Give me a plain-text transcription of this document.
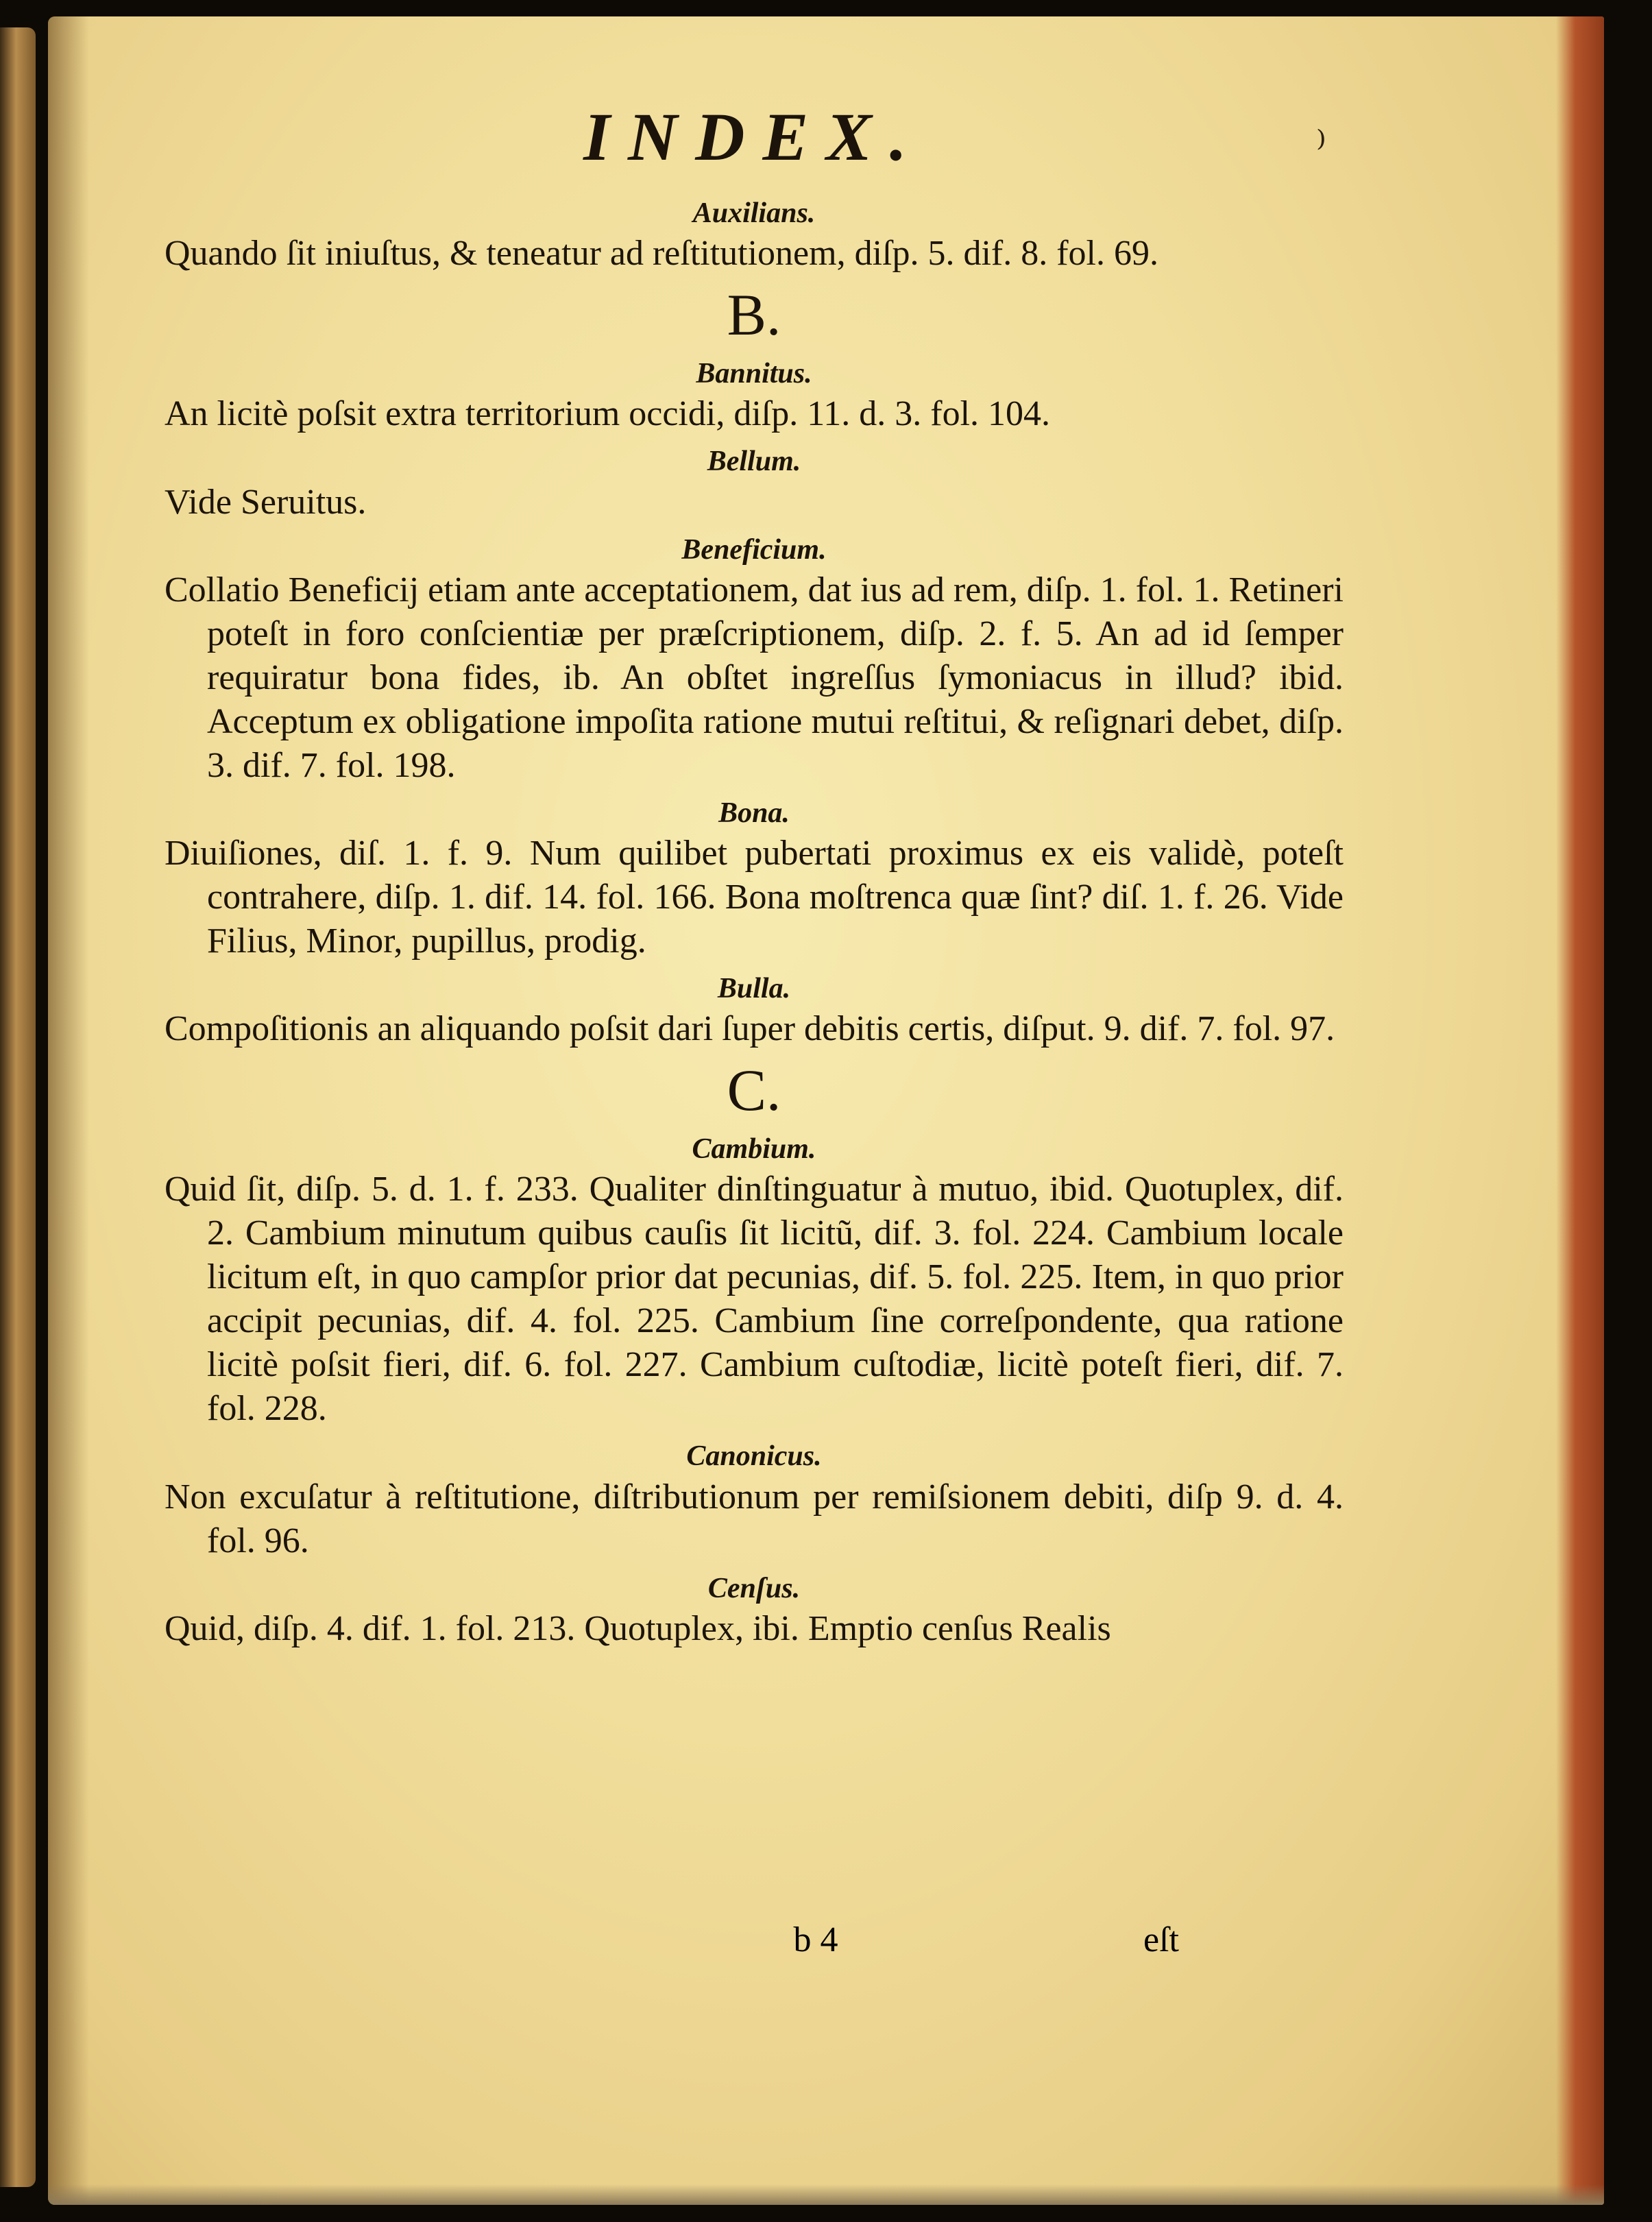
⁾
INDEX.
Auxilians.

Quando ſit iniuſtus, & teneatur ad reſtitutionem, diſp. 5. dif. 8. fol. 69.

B.
Bannitus.

An licitè poſsit extra territorium occidi, diſp. 11. d. 3. fol. 104.

Bellum.

Vide Seruitus.

Beneficium.

Collatio Beneficij etiam ante acceptationem, dat ius ad rem, diſp. 1. fol. 1. Retineri poteſt in foro conſcientiæ per præſcriptionem, diſp. 2. f. 5. An ad id ſemper requiratur bona fides, ib. An obſtet ingreſſus ſymoniacus in illud? ibid. Acceptum ex obligatione impoſita ratione mutui reſtitui, & reſignari debet, diſp. 3. dif. 7. fol. 198.

Bona.

Diuiſiones, diſ. 1. f. 9. Num quilibet pubertati proximus ex eis validè, poteſt contrahere, diſp. 1. dif. 14. fol. 166. Bona moſtrenca quæ ſint? diſ. 1. f. 26. Vide Filius, Minor, pupillus, prodig.

Bulla.

Compoſitionis an aliquando poſsit dari ſuper debitis certis, diſput. 9. dif. 7. fol. 97.

C.
Cambium.

Quid ſit, diſp. 5. d. 1. f. 233. Qualiter dinſtinguatur à mutuo, ibid. Quotuplex, dif. 2. Cambium minutum quibus cauſis ſit licitũ, dif. 3. fol. 224. Cambium locale licitum eſt, in quo campſor prior dat pecunias, dif. 5. fol. 225. Item, in quo prior accipit pecunias, dif. 4. fol. 225. Cambium ſine correſpondente, qua ratione licitè poſsit fieri, dif. 6. fol. 227. Cambium cuſtodiæ, licitè poteſt fieri, dif. 7. fol. 228.

Canonicus.

Non excuſatur à reſtitutione, diſtributionum per remiſsionem debiti, diſp 9. d. 4. fol. 96.

Cenſus.

Quid, diſp. 4. dif. 1. fol. 213. Quotuplex, ibi. Emptio cenſus Realis

b 4	eſt
